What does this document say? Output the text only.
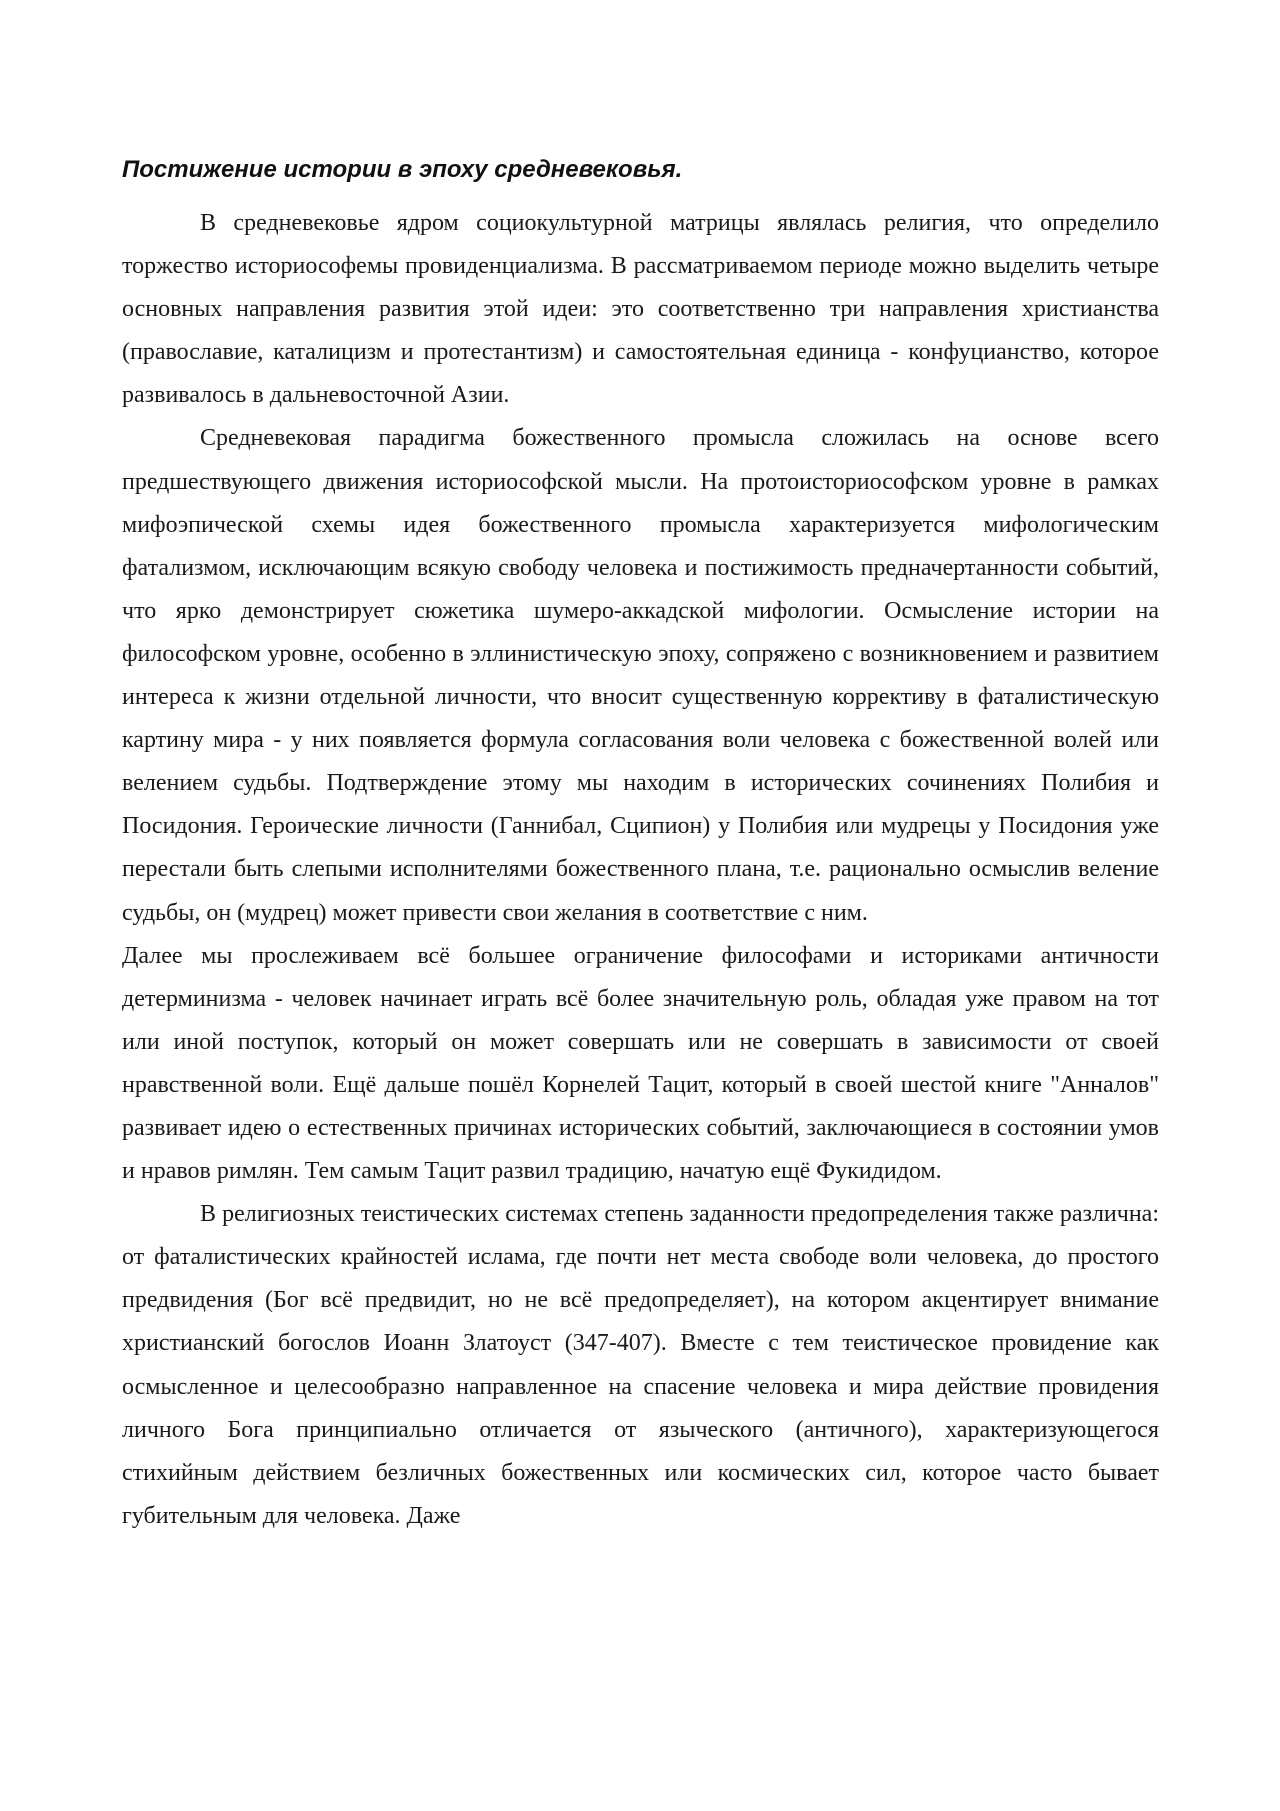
Постижение истории в эпоху средневековья.

В средневековье ядром социокультурной матрицы являлась религия, что определило торжество историософемы провиденциализма. В рассматриваемом периоде можно выделить четыре основных направления развития этой идеи: это соответственно три направления христианства (православие, каталицизм и протестантизм) и самостоятельная единица - конфуцианство, которое развивалось в дальневосточной Азии.

Средневековая парадигма божественного промысла сложилась на основе всего предшествующего движения историософской мысли. На протоисториософском уровне в рамках мифоэпической схемы идея божественного промысла характеризуется мифологическим фатализмом, исключающим всякую свободу человека и постижимость предначертанности событий, что ярко демонстрирует сюжетика шумеро-аккадской мифологии. Осмысление истории на философском уровне, особенно в эллинистическую эпоху, сопряжено с возникновением и развитием интереса к жизни отдельной личности, что вносит существенную коррективу в фаталистическую картину мира - у них появляется формула согласования воли человека с божественной волей или велением судьбы. Подтверждение этому мы находим в исторических сочинениях Полибия и Посидония. Героические личности (Ганнибал, Сципион) у Полибия или мудрецы у Посидония уже перестали быть слепыми исполнителями божественного плана, т.е. рационально осмыслив веление судьбы, он (мудрец) может привести свои желания в соответствие с ним.

Далее мы прослеживаем всё большее ограничение философами и историками античности детерминизма - человек начинает играть всё более значительную роль, обладая уже правом на тот или иной поступок, который он может совершать или не совершать в зависимости от своей нравственной воли. Ещё дальше пошёл Корнелей Тацит, который в своей шестой книге "Анналов" развивает идею о естественных причинах исторических событий, заключающиеся в состоянии умов и нравов римлян. Тем самым Тацит развил традицию, начатую ещё Фукидидом.

В религиозных теистических системах степень заданности предопределения также различна: от фаталистических крайностей ислама, где почти нет места свободе воли человека, до простого предвидения (Бог всё предвидит, но не всё предопределяет), на котором акцентирует внимание христианский богослов Иоанн Златоуст (347-407). Вместе с тем теистическое провидение как осмысленное и целесообразно направленное на спасение человека и мира действие провидения личного Бога принципиально отличается от языческого (античного), характеризующегося стихийным действием безличных божественных или космических сил, которое часто бывает губительным для человека. Даже
